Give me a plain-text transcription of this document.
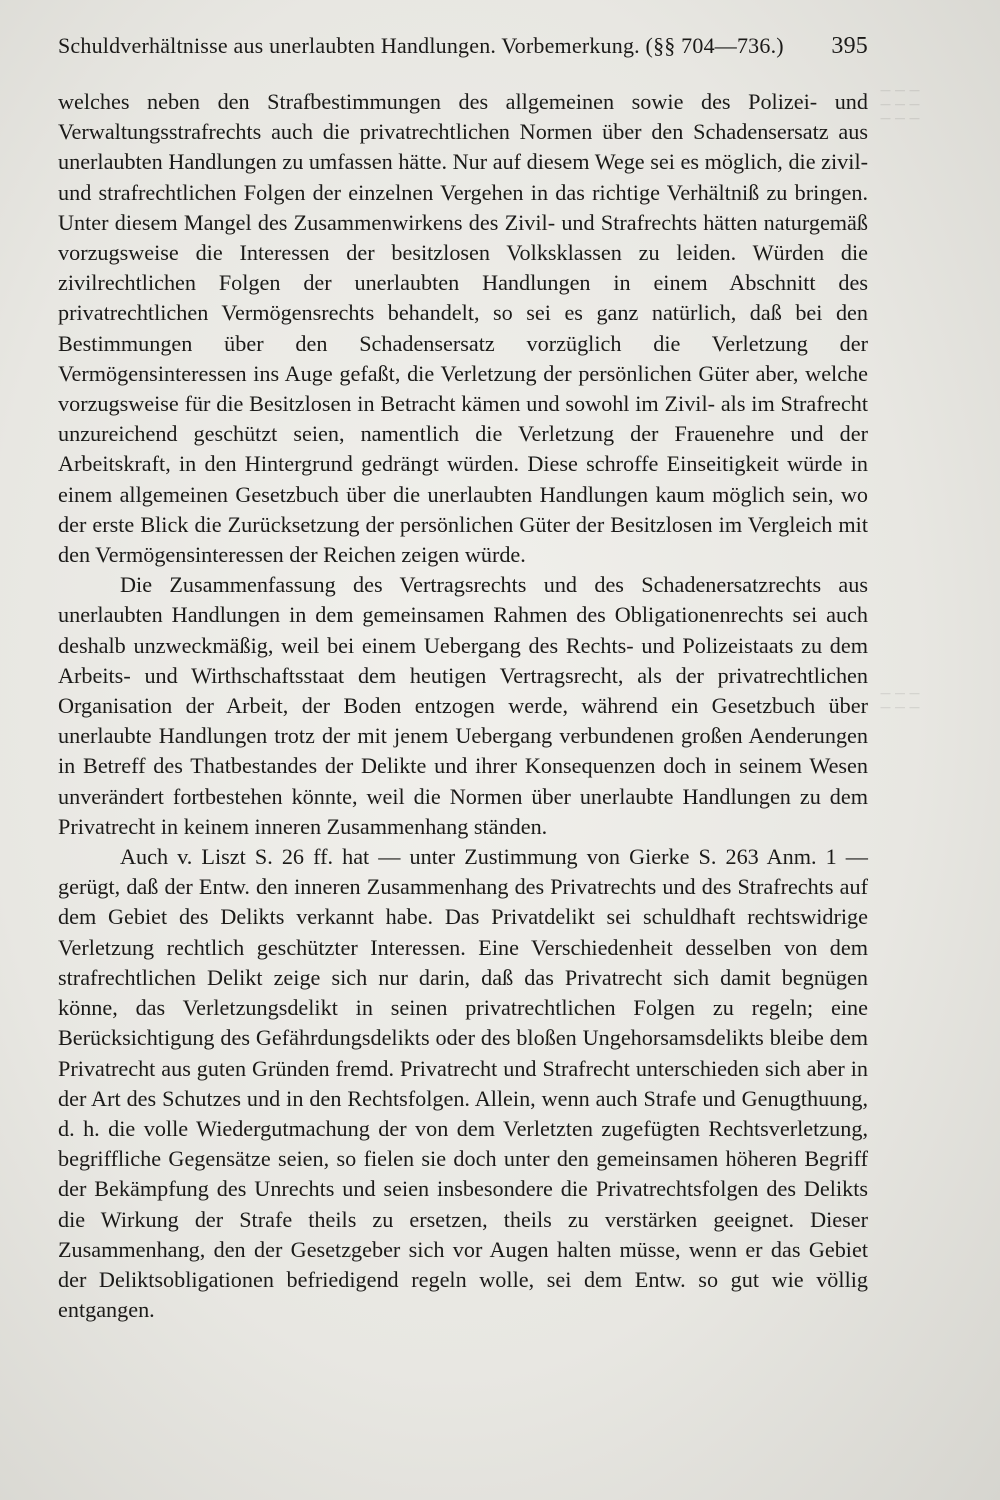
Schuldverhältnisse aus unerlaubten Handlungen. Vorbemerkung. (§§ 704—736.) 395

welches neben den Strafbestimmungen des allgemeinen sowie des Polizei- und Verwaltungsstrafrechts auch die privatrechtlichen Normen über den Schadensersatz aus unerlaubten Handlungen zu umfassen hätte. Nur auf diesem Wege sei es möglich, die zivil- und strafrechtlichen Folgen der einzelnen Vergehen in das richtige Verhältniß zu bringen. Unter diesem Mangel des Zusammenwirkens des Zivil- und Strafrechts hätten naturgemäß vorzugsweise die Interessen der besitzlosen Volksklassen zu leiden. Würden die zivilrechtlichen Folgen der unerlaubten Handlungen in einem Abschnitt des privatrechtlichen Vermögensrechts behandelt, so sei es ganz natürlich, daß bei den Bestimmungen über den Schadensersatz vorzüglich die Verletzung der Vermögensinteressen ins Auge gefaßt, die Verletzung der persönlichen Güter aber, welche vorzugsweise für die Besitzlosen in Betracht kämen und sowohl im Zivil- als im Strafrecht unzureichend geschützt seien, namentlich die Verletzung der Frauenehre und der Arbeitskraft, in den Hintergrund gedrängt würden. Diese schroffe Einseitigkeit würde in einem allgemeinen Gesetzbuch über die unerlaubten Handlungen kaum möglich sein, wo der erste Blick die Zurücksetzung der persönlichen Güter der Besitzlosen im Vergleich mit den Vermögensinteressen der Reichen zeigen würde.

Die Zusammenfassung des Vertragsrechts und des Schadenersatzrechts aus unerlaubten Handlungen in dem gemeinsamen Rahmen des Obligationenrechts sei auch deshalb unzweckmäßig, weil bei einem Uebergang des Rechts- und Polizeistaats zu dem Arbeits- und Wirthschaftsstaat dem heutigen Vertragsrecht, als der privatrechtlichen Organisation der Arbeit, der Boden entzogen werde, während ein Gesetzbuch über unerlaubte Handlungen trotz der mit jenem Uebergang verbundenen großen Aenderungen in Betreff des Thatbestandes der Delikte und ihrer Konsequenzen doch in seinem Wesen unverändert fortbestehen könnte, weil die Normen über unerlaubte Handlungen zu dem Privatrecht in keinem inneren Zusammenhang ständen.

Auch v. Liszt S. 26 ff. hat — unter Zustimmung von Gierke S. 263 Anm. 1 — gerügt, daß der Entw. den inneren Zusammenhang des Privatrechts und des Strafrechts auf dem Gebiet des Delikts verkannt habe. Das Privatdelikt sei schuldhaft rechtswidrige Verletzung rechtlich geschützter Interessen. Eine Verschiedenheit desselben von dem strafrechtlichen Delikt zeige sich nur darin, daß das Privatrecht sich damit begnügen könne, das Verletzungsdelikt in seinen privatrechtlichen Folgen zu regeln; eine Berücksichtigung des Gefährdungsdelikts oder des bloßen Ungehorsamsdelikts bleibe dem Privatrecht aus guten Gründen fremd. Privatrecht und Strafrecht unterschieden sich aber in der Art des Schutzes und in den Rechtsfolgen. Allein, wenn auch Strafe und Genugthuung, d. h. die volle Wiedergutmachung der von dem Verletzten zugefügten Rechtsverletzung, begriffliche Gegensätze seien, so fielen sie doch unter den gemeinsamen höheren Begriff der Bekämpfung des Unrechts und seien insbesondere die Privatrechtsfolgen des Delikts die Wirkung der Strafe theils zu ersetzen, theils zu verstärken geeignet. Dieser Zusammenhang, den der Gesetzgeber sich vor Augen halten müsse, wenn er das Gebiet der Deliktsobligationen befriedigend regeln wolle, sei dem Entw. so gut wie völlig entgangen.

— — —
— — —
— — —
— — —
— — —
